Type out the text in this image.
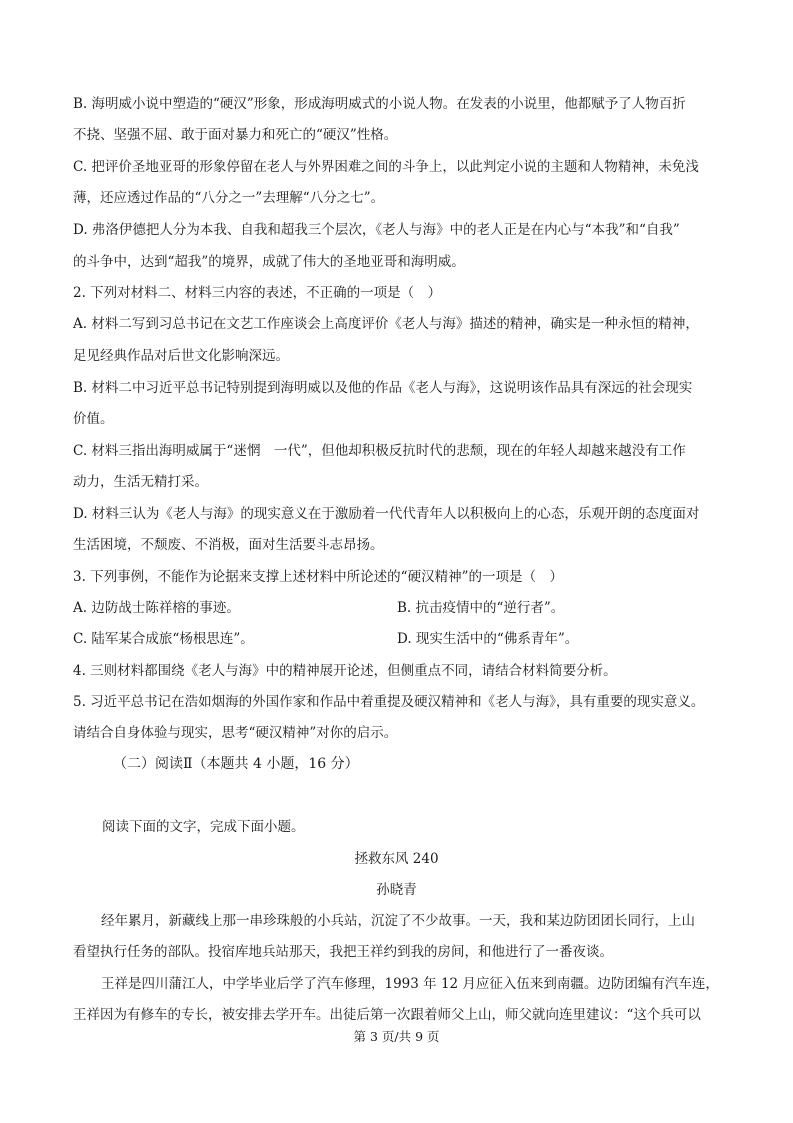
B. 海明威小说中塑造的“硬汉”形象，形成海明威式的小说人物。在发表的小说里，他都赋予了人物百折
不挠、坚强不屈、敢于面对暴力和死亡的“硬汉”性格。
C. 把评价圣地亚哥的形象停留在老人与外界困难之间的斗争上，以此判定小说的主题和人物精神，未免浅
薄，还应透过作品的“八分之一”去理解“八分之七”。
D. 弗洛伊德把人分为本我、自我和超我三个层次，《老人与海》中的老人正是在内心与“本我”和“自我”
的斗争中，达到“超我”的境界，成就了伟大的圣地亚哥和海明威。
2. 下列对材料二、材料三内容的表述，不正确的一项是（　）
A. 材料二写到习总书记在文艺工作座谈会上高度评价《老人与海》描述的精神，确实是一种永恒的精神，
足见经典作品对后世文化影响深远。
B. 材料二中习近平总书记特别提到海明威以及他的作品《老人与海》，这说明该作品具有深远的社会现实
价值。
C. 材料三指出海明威属于“迷惘　一代”，但他却积极反抗时代的悲颓，现在的年轻人却越来越没有工作
动力，生活无精打采。
D. 材料三认为《老人与海》的现实意义在于激励着一代代青年人以积极向上的心态，乐观开朗的态度面对
生活困境，不颓废、不消极，面对生活要斗志昂扬。
3. 下列事例，不能作为论据来支撑上述材料中所论述的“硬汉精神”的一项是（　）
A. 边防战士陈祥榕的事迹。	B. 抗击疫情中的“逆行者”。
C. 陆军某合成旅“杨根思连”。	D. 现实生活中的“佛系青年”。
4. 三则材料都围绕《老人与海》中的精神展开论述，但侧重点不同，请结合材料简要分析。
5. 习近平总书记在浩如烟海的外国作家和作品中着重提及硬汉精神和《老人与海》，具有重要的现实意义。
请结合自身体验与现实，思考“硬汉精神”对你的启示。
（二）阅读Ⅱ（本题共 4 小题，16 分）
阅读下面的文字，完成下面小题。
拯救东风 240
孙晓青
经年累月，新藏线上那一串珍珠般的小兵站，沉淀了不少故事。一天，我和某边防团团长同行，上山
看望执行任务的部队。投宿库地兵站那天，我把王祥约到我的房间，和他进行了一番夜谈。
王祥是四川蒲江人，中学毕业后学了汽车修理，1993 年 12 月应征入伍来到南疆。边防团编有汽车连，
王祥因为有修车的专长，被安排去学开车。出徒后第一次跟着师父上山，师父就向连里建议：“这个兵可以
第 3 页/共 9 页
